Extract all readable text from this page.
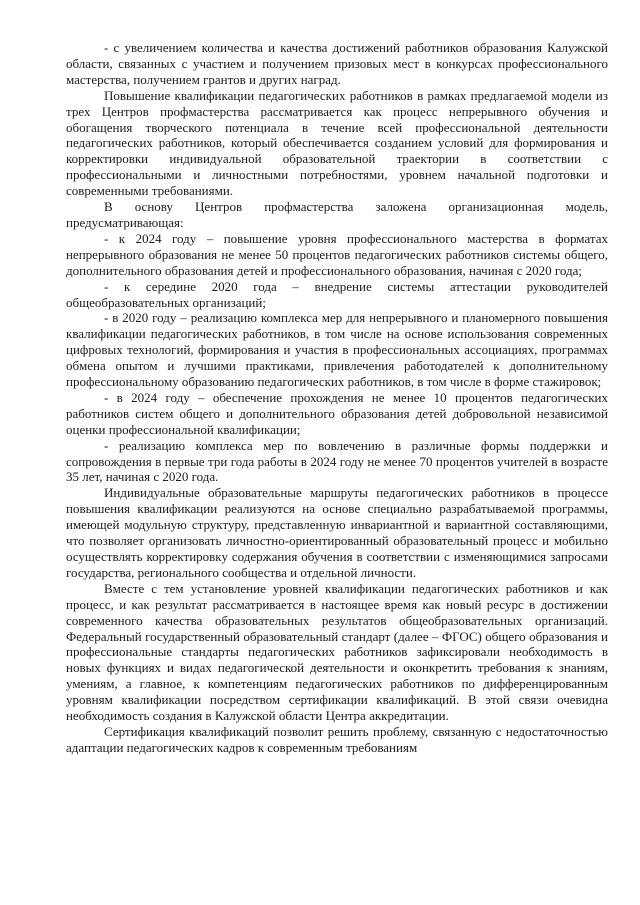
- с увеличением количества и качества достижений работников образования Калужской области, связанных с участием и получением призовых мест в конкурсах профессионального мастерства, получением грантов и других наград.

Повышение квалификации педагогических работников в рамках предлагаемой модели из трех Центров профмастерства рассматривается как процесс непрерывного обучения и обогащения творческого потенциала в течение всей профессиональной деятельности педагогических работников, который обеспечивается созданием условий для формирования и корректировки индивидуальной образовательной траектории в соответствии с профессиональными и личностными потребностями, уровнем начальной подготовки и современными требованиями.

В основу Центров профмастерства заложена организационная модель, предусматривающая:

- к 2024 году – повышение уровня профессионального мастерства в форматах непрерывного образования не менее 50 процентов педагогических работников системы общего, дополнительного образования детей и профессионального образования, начиная с 2020 года;

- к середине 2020 года – внедрение системы аттестации руководителей общеобразовательных организаций;

- в 2020 году – реализацию комплекса мер для непрерывного и планомерного повышения квалификации педагогических работников, в том числе на основе использования современных цифровых технологий, формирования и участия в профессиональных ассоциациях, программах обмена опытом и лучшими практиками, привлечения работодателей к дополнительному профессиональному образованию педагогических работников, в том числе в форме стажировок;

- в 2024 году – обеспечение прохождения не менее 10 процентов педагогических работников систем общего и дополнительного образования детей добровольной независимой оценки профессиональной квалификации;

- реализацию комплекса мер по вовлечению в различные формы поддержки и сопровождения в первые три года работы в 2024 году не менее 70 процентов учителей в возрасте 35 лет, начиная с 2020 года.

Индивидуальные образовательные маршруты педагогических работников в процессе повышения квалификации реализуются на основе специально разрабатываемой программы, имеющей модульную структуру, представленную инвариантной и вариантной составляющими, что позволяет организовать личностно-ориентированный образовательный процесс и мобильно осуществлять корректировку содержания обучения в соответствии с изменяющимися запросами государства, регионального сообщества и отдельной личности.

Вместе с тем установление уровней квалификации педагогических работников и как процесс, и как результат рассматривается в настоящее время как новый ресурс в достижении современного качества образовательных результатов общеобразовательных организаций. Федеральный государственный образовательный стандарт (далее – ФГОС) общего образования и профессиональные стандарты педагогических работников зафиксировали необходимость в новых функциях и видах педагогической деятельности и оконкретить требования к знаниям, умениям, а главное, к компетенциям педагогических работников по дифференцированным уровням квалификации посредством сертификации квалификаций. В этой связи очевидна необходимость создания в Калужской области Центра аккредитации.

Сертификация квалификаций позволит решить проблему, связанную с недостаточностью адаптации педагогических кадров к современным требованиям
